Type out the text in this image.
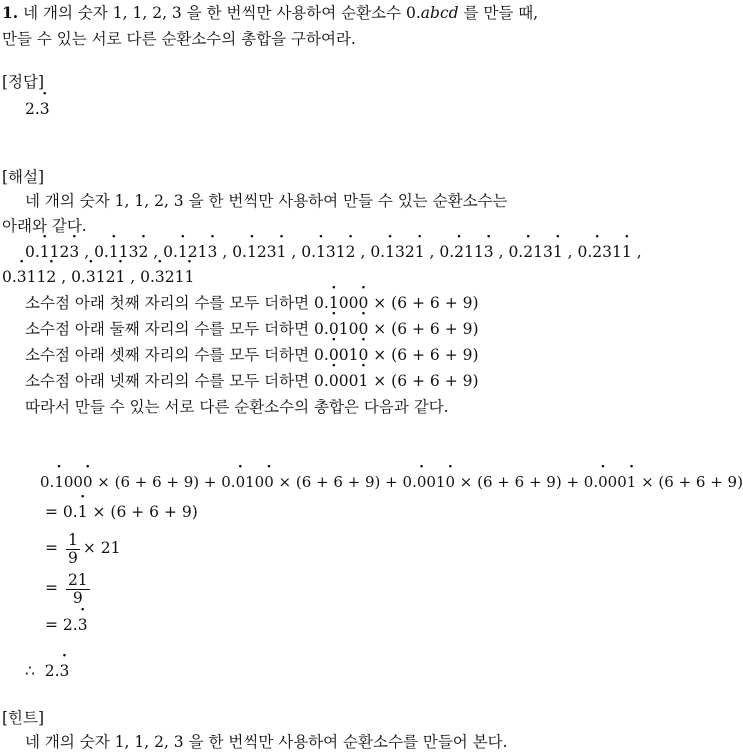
1. 네 개의 숫자 1, 1, 2, 3 을 한 번씩만 사용하여 순환소수 0.a ·bcd · 를 만들 때,
만들 수 있는 서로 다른 순환소수의 총합을 구하여라.
[정답]
2.3 ·
[해설]
네 개의 숫자 1, 1, 2, 3 을 한 번씩만 사용하여 만들 수 있는 순환소수는
아래와 같다.
0.1 ·123 · , 0.1 ·132 · , 0.1 ·213 · , 0.1 ·231 · , 0.1 ·312 · , 0.1 ·321 · , 0.2 ·113 · , 0.2 ·131 · , 0.2 ·311 · ,
0.3 ·112 · , 0.3 ·121 · , 0.3 ·211 ·
소수점 아래 첫째 자리의 수를 모두 더하면 0.1 ·000 · × (6 + 6 + 9)
소수점 아래 둘째 자리의 수를 모두 더하면 0.0 ·100 · × (6 + 6 + 9)
소수점 아래 셋째 자리의 수를 모두 더하면 0.0 ·010 · × (6 + 6 + 9)
소수점 아래 넷째 자리의 수를 모두 더하면 0.0 ·001 · × (6 + 6 + 9)
따라서 만들 수 있는 서로 다른 순환소수의 총합은 다음과 같다.
0.1 ·000 · × (6 + 6 + 9) + 0.0 ·100 · × (6 + 6 + 9) + 0.0 ·010 · × (6 + 6 + 9) + 0.0 ·001 · × (6 + 6 + 9)
= 0.1 · × (6 + 6 + 9)
= $\frac{1}{9} \times 21$
= $\frac{21}{9}$
= 2.3 ·
∴ 2.3 ·
[힌트]
네 개의 숫자 1, 1, 2, 3 을 한 번씩만 사용하여 순환소수를 만들어 본다.
